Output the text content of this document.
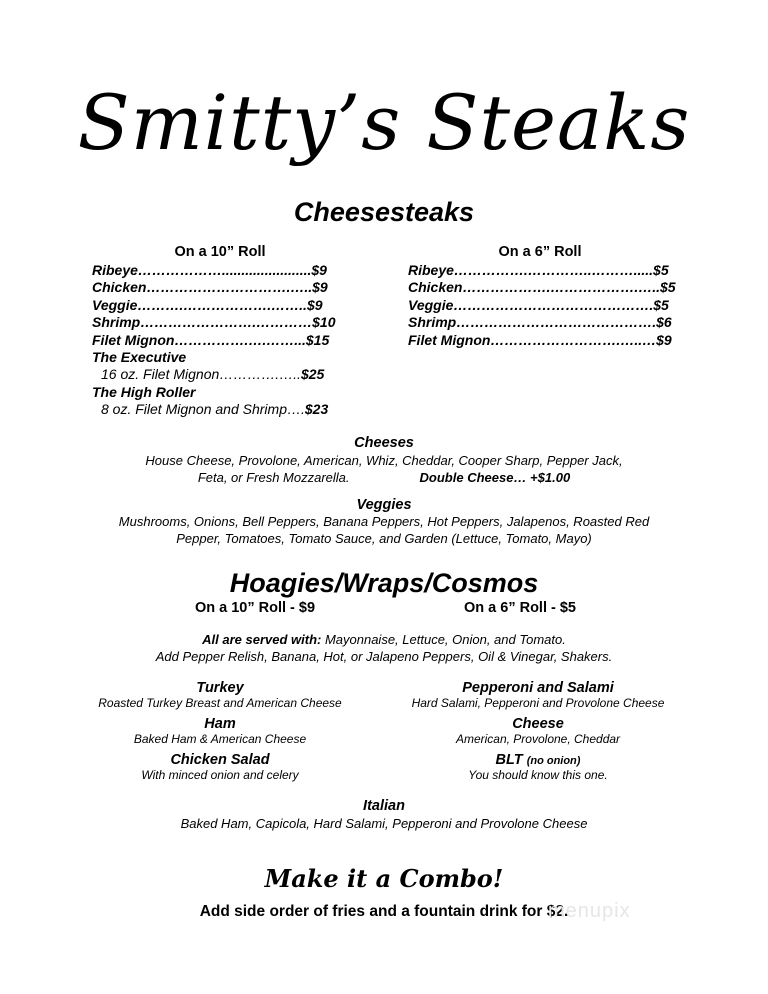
Smitty’s Steaks
Cheesesteaks
On a 10” Roll
Ribeye……………….......................$9
Chicken………………………….…..$9
Veggie……….……………….……..$9
Shrimp…………………….…………$10
Filet Mignon…………….….……...$15
The Executive
16 oz. Filet Mignon………….…..$25
The High Roller
8 oz. Filet Mignon and Shrimp….$23
On a 6” Roll
Ribeye…………….…………..……….....$5
Chicken……………….……………….…..$5
Veggie…………………………………….$5
Shrimp…………………………………….$6
Filet Mignon……………………….…..…$9
Cheeses
House Cheese, Provolone, American, Whiz, Cheddar, Cooper Sharp, Pepper Jack,
Feta, or Fresh Mozzarella.	Double Cheese… +$1.00
Veggies
Mushrooms, Onions, Bell Peppers, Banana Peppers, Hot Peppers, Jalapenos, Roasted Red
Pepper, Tomatoes, Tomato Sauce, and Garden (Lettuce, Tomato, Mayo)
Hoagies/Wraps/Cosmos
On a 10” Roll - $9	On a 6” Roll - $5
All are served with: Mayonnaise, Lettuce, Onion, and Tomato.
Add Pepper Relish, Banana, Hot, or Jalapeno Peppers, Oil & Vinegar, Shakers.
Turkey
Roasted Turkey Breast and American Cheese
Ham
Baked Ham & American Cheese
Chicken Salad
With minced onion and celery
Pepperoni and Salami
Hard Salami, Pepperoni and Provolone Cheese
Cheese
American, Provolone, Cheddar
BLT (no onion)
You should know this one.
Italian
Baked Ham, Capicola, Hard Salami, Pepperoni and Provolone Cheese
Make it a Combo!
Add side order of fries and a fountain drink for $2.
menupix
